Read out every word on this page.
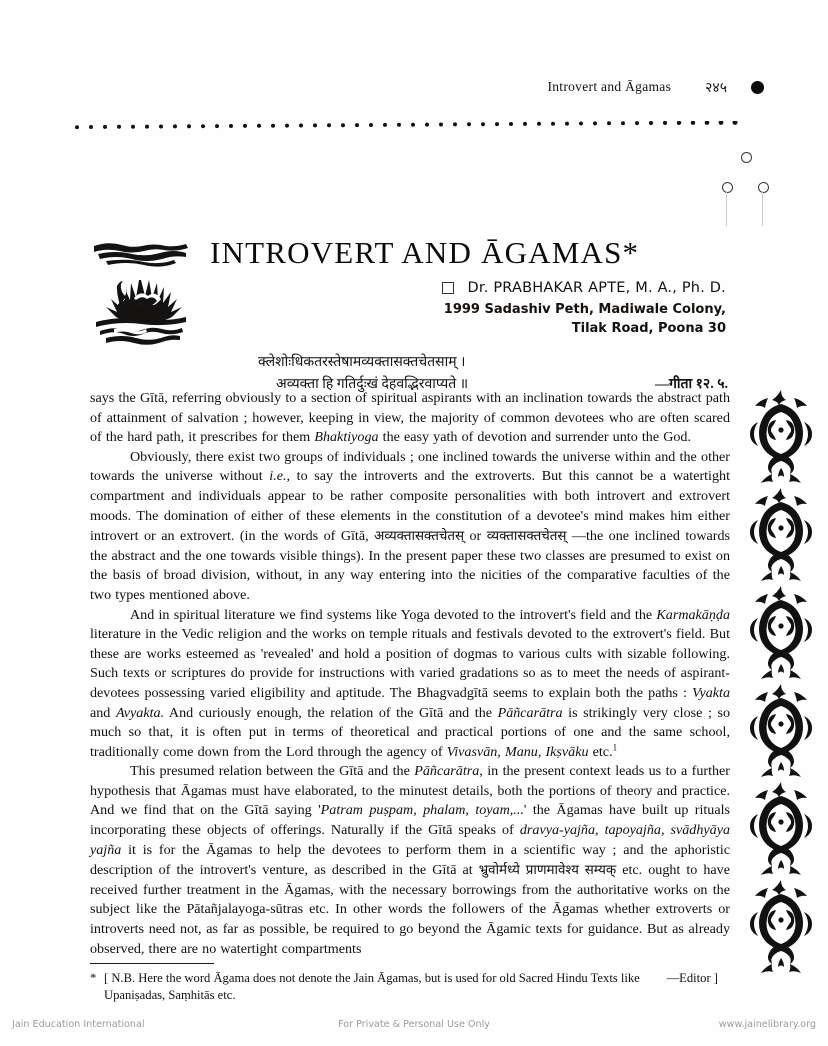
Introvert and Āgamas २४५
INTROVERT AND ĀGAMAS*
Dr. PRABHAKAR APTE, M. A., Ph. D.
1999 Sadashiv Peth, Madiwale Colony,
Tilak Road, Poona 30
क्लेशोःधिकतरस्तेषामव्यक्तासक्तचेतसाम् ।
अव्यक्ता हि गतिर्दुःखं देहवद्भिरवाप्यते ॥	—गीता १२. ५.

says the Gītā, referring obviously to a section of spiritual aspirants with an inclination towards the abstract path of attainment of salvation ; however, keeping in view, the majority of common devotees who are often scared of the hard path, it prescribes for them Bhaktiyoga the easy yath of devotion and surrender unto the God.

Obviously, there exist two groups of individuals ; one inclined towards the universe within and the other towards the universe without i.e., to say the introverts and the extroverts. But this cannot be a watertight compartment and individuals appear to be rather composite personalities with both introvert and extrovert moods. The domination of either of these elements in the constitution of a devotee's mind makes him either introvert or an extrovert. (in the words of Gītā, अव्यक्तासक्तचेतस् or व्यक्तासक्तचेतस् —the one inclined towards the abstract and the one towards visible things). In the present paper these two classes are presumed to exist on the basis of broad division, without, in any way entering into the nicities of the comparative faculties of the two types mentioned above.

And in spiritual literature we find systems like Yoga devoted to the introvert's field and the Karmakāṇḍa literature in the Vedic religion and the works on temple rituals and festivals devoted to the extrovert's field. But these are works esteemed as 'revealed' and hold a position of dogmas to various cults with sizable following. Such texts or scriptures do provide for instructions with varied gradations so as to meet the needs of aspirant-devotees possessing varied eligibility and aptitude. The Bhagvadgītā seems to explain both the paths : Vyakta and Avyakta. And curiously enough, the relation of the Gītā and the Pāñcarātra is strikingly very close ; so much so that, it is often put in terms of theoretical and practical portions of one and the same school, traditionally come down from the Lord through the agency of Vivasvān, Manu, Ikṣvāku etc.$^1$

This presumed relation between the Gītā and the Pāñcarātra, in the present context leads us to a further hypothesis that Āgamas must have elaborated, to the minutest details, both the portions of theory and practice. And we find that on the Gītā saying 'Patram puṣpam, phalam, toyam,...' the Āgamas have built up rituals incorporating these objects of offerings. Naturally if the Gītā speaks of dravya-yajña, tapoyajña, svādhyāya yajña it is for the Āgamas to help the devotees to perform them in a scientific way ; and the aphoristic description of the introvert's venture, as described in the Gītā at भ्रुवोर्मध्ये प्राणमावेश्य सम्यक् etc. ought to have received further treatment in the Āgamas, with the necessary borrowings from the authoritative works on the subject like the Pātañjalayoga-sūtras etc. In other words the followers of the Āgamas whether extroverts or introverts need not, as far as possible, be required to go beyond the Āgamic texts for guidance. But as already observed, there are no watertight compartments

*	—Editor ]
[ N.B. Here the word Āgama does not denote the Jain Āgamas, but is used for old Sacred Hindu Texts like Upaniṣadas, Saṃhitās etc.
Jain Education International	For Private & Personal Use Only	www.jainelibrary.org
